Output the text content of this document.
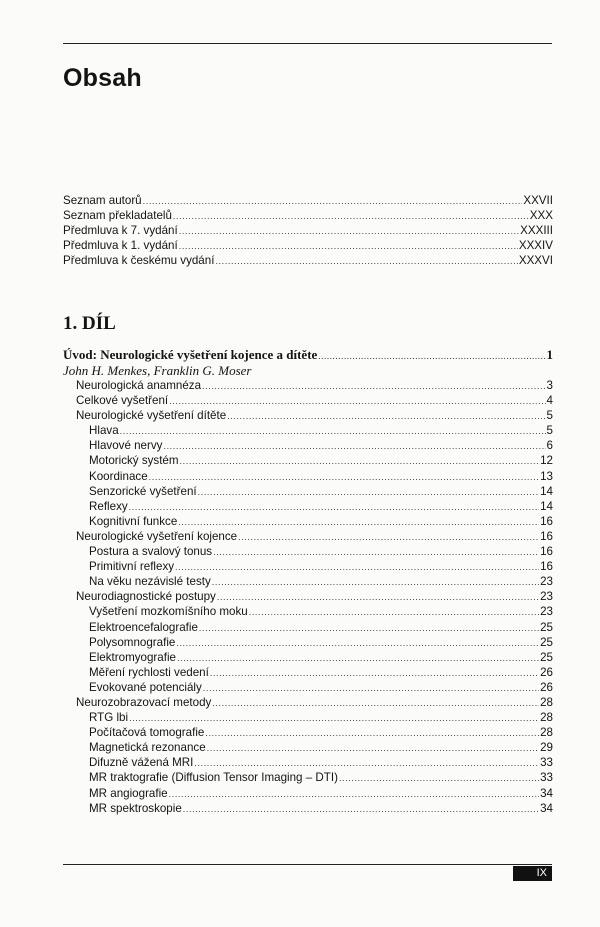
Obsah
Seznam autorů .....	XXVII
Seznam překladatelů .....	XXX
Předmluva k 7. vydání .....	XXXIII
Předmluva k 1. vydání .....	XXXIV
Předmluva k českému vydání .....	XXXVI
1. DÍL
Úvod: Neurologické vyšetření kojence a dítěte .....	1
John H. Menkes, Franklin G. Moser
Neurologická anamnéza .....	3
Celkové vyšetření .....	4
Neurologické vyšetření dítěte .....	5
Hlava .....	5
Hlavové nervy .....	6
Motorický systém .....	12
Koordinace .....	13
Senzorické vyšetření .....	14
Reflexy .....	14
Kognitivní funkce .....	16
Neurologické vyšetření kojence .....	16
Postura a svalový tonus .....	16
Primitivní reflexy .....	16
Na věku nezávislé testy .....	23
Neurodiagnostické postupy .....	23
Vyšetření mozkomíšního moku .....	23
Elektroencefalografie .....	25
Polysomnografie .....	25
Elektromyografie .....	25
Měření rychlosti vedení .....	26
Evokované potenciály .....	26
Neurozobrazovací metody .....	28
RTG lbi .....	28
Počítačová tomografie .....	28
Magnetická rezonance .....	29
Difuzně vážená MRI .....	33
MR traktografie (Diffusion Tensor Imaging – DTI) .....	33
MR angiografie .....	34
MR spektroskopie .....	34
IX
